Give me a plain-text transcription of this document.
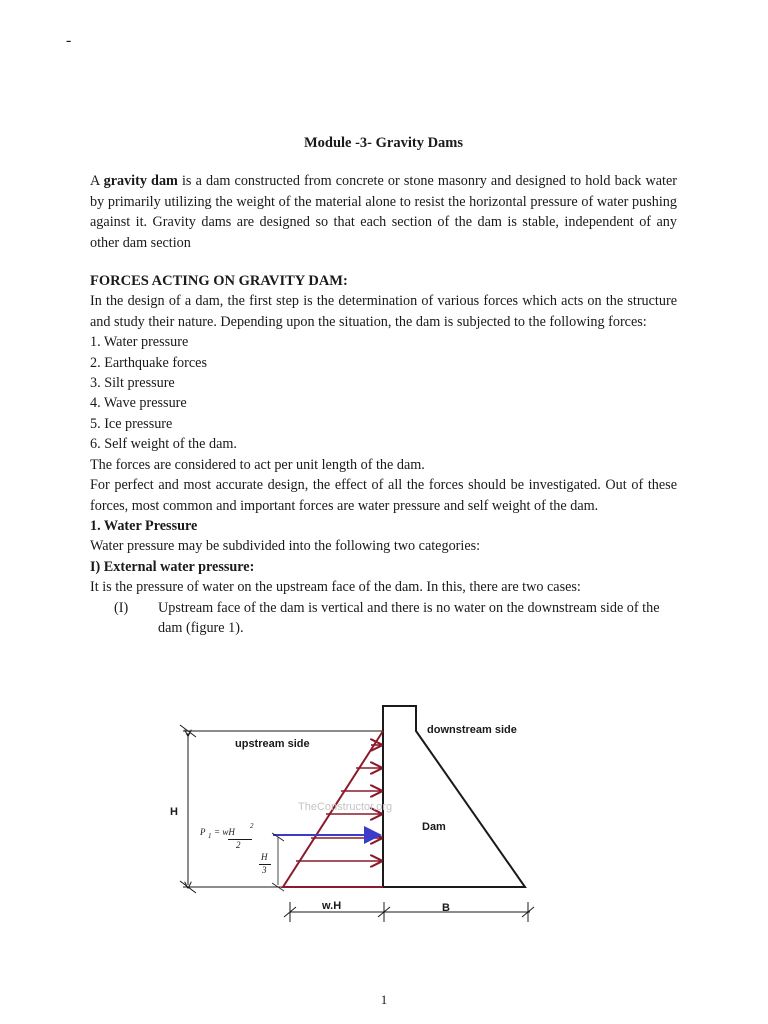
-

Module -3- Gravity Dams

A gravity dam is a dam constructed from concrete or stone masonry and designed to hold back water by primarily utilizing the weight of the material alone to resist the horizontal pressure of water pushing against it. Gravity dams are designed so that each section of the dam is stable, independent of any other dam section

FORCES ACTING ON GRAVITY DAM:

In the design of a dam, the first step is the determination of various forces which acts on the structure and study their nature. Depending upon the situation, the dam is subjected to the following forces:

1. Water pressure

2. Earthquake forces

3. Silt pressure

4. Wave pressure

5. Ice pressure

6. Self weight of the dam.

The forces are considered to act per unit length of the dam.

For perfect and most accurate design, the effect of all the forces should be investigated. Out of these forces, most common and important forces are water pressure and self weight of the dam.

1. Water Pressure

Water pressure may be subdivided into the following two categories:

I) External water pressure:

It is the pressure of water on the upstream face of the dam. In this, there are two cases:

(I)	Upstream face of the dam is vertical and there is no water on the downstream side of the dam (figure 1).
upstream side
downstream side
Dam
H
w.H	B
TheConstructor.org
P 1 = wH
2
2
H
3
1
